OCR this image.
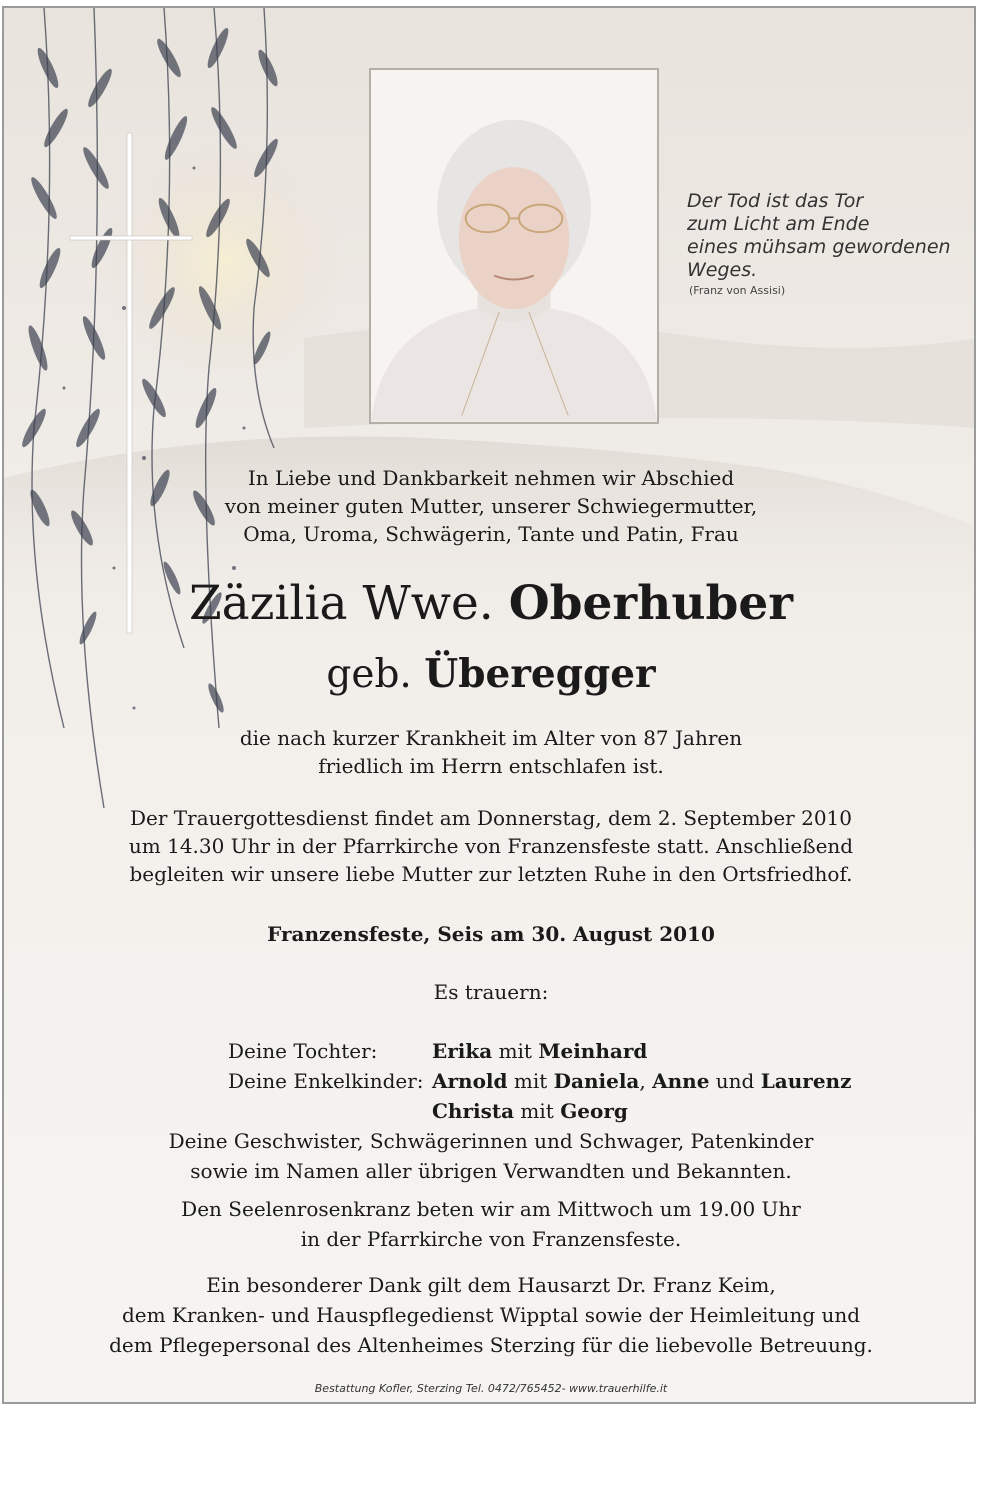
Der Tod ist das Tor
zum Licht am Ende
eines mühsam gewordenen
Weges.
(Franz von Assisi)
In Liebe und Dankbarkeit nehmen wir Abschied
von meiner guten Mutter, unserer Schwiegermutter,
Oma, Uroma, Schwägerin, Tante und Patin, Frau
Zäzilia Wwe. Oberhuber
geb. Überegger
die nach kurzer Krankheit im Alter von 87 Jahren
friedlich im Herrn entschlafen ist.
Der Trauergottesdienst findet am Donnerstag, dem 2. September 2010
um 14.30 Uhr in der Pfarrkirche von Franzensfeste statt. Anschließend
begleiten wir unsere liebe Mutter zur letzten Ruhe in den Ortsfriedhof.
Franzensfeste, Seis am 30. August 2010
Es trauern:
Deine Tochter:	Erika mit Meinhard
Deine Enkelkinder: Arnold mit Daniela, Anne und Laurenz
Christa mit Georg
Deine Geschwister, Schwägerinnen und Schwager, Patenkinder
sowie im Namen aller übrigen Verwandten und Bekannten.
Den Seelenrosenkranz beten wir am Mittwoch um 19.00 Uhr
in der Pfarrkirche von Franzensfeste.
Ein besonderer Dank gilt dem Hausarzt Dr. Franz Keim,
dem Kranken- und Hauspflegedienst Wipptal sowie der Heimleitung und
dem Pflegepersonal des Altenheimes Sterzing für die liebevolle Betreuung.
Bestattung Kofler, Sterzing Tel. 0472/765452- www.trauerhilfe.it
